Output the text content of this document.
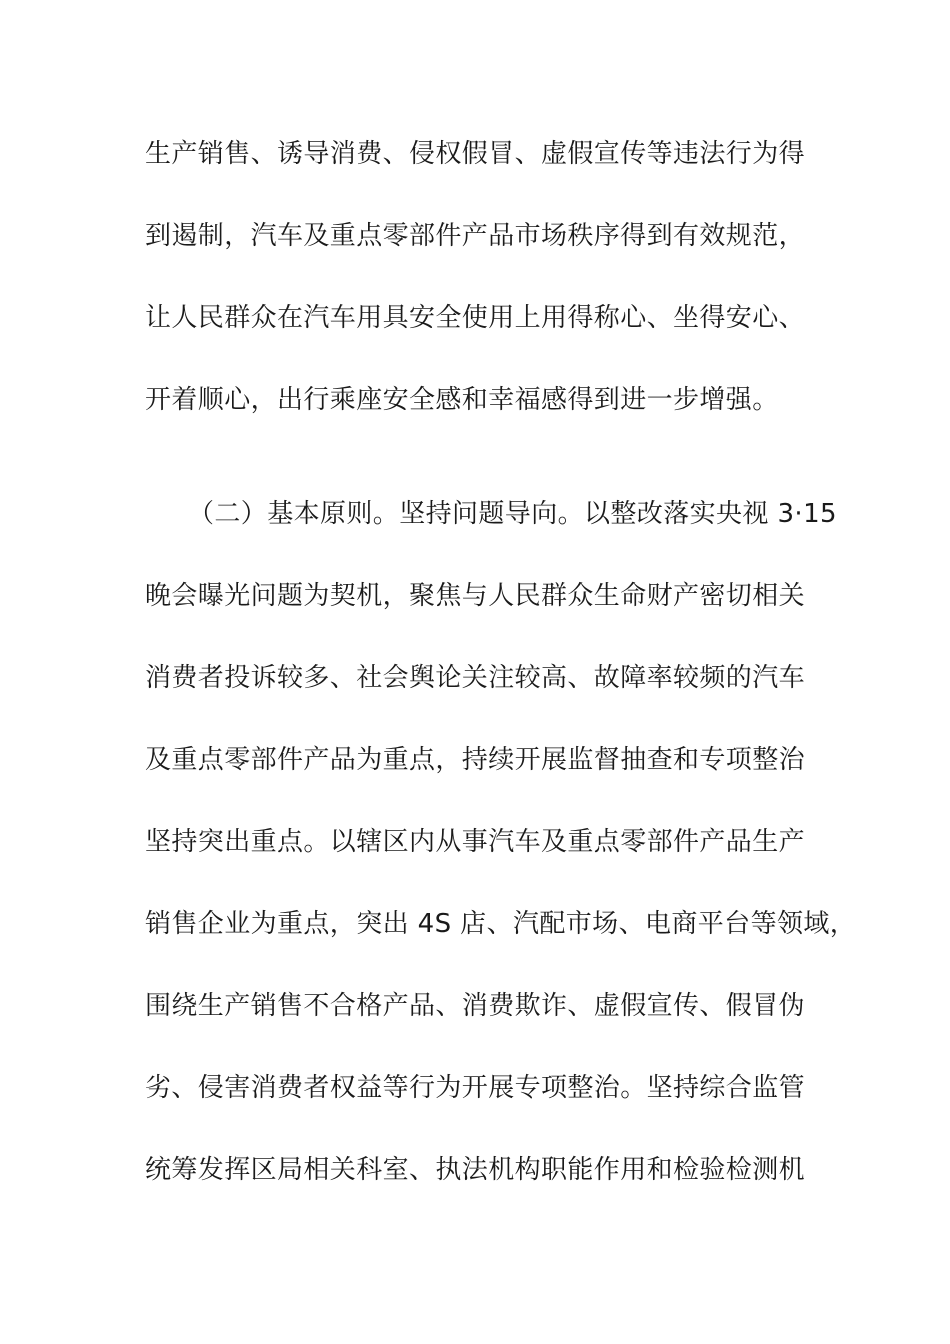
生产销售、诱导消费、侵权假冒、虚假宣传等违法行为得
到遏制，汽车及重点零部件产品市场秩序得到有效规范，
让人民群众在汽车用具安全使用上用得称心、坐得安心、
开着顺心，出行乘座安全感和幸福感得到进一步增强。
（二）基本原则。坚持问题导向。以整改落实央视 3·15
晚会曝光问题为契机，聚焦与人民群众生命财产密切相关
消费者投诉较多、社会舆论关注较高、故障率较频的汽车
及重点零部件产品为重点，持续开展监督抽查和专项整治
坚持突出重点。以辖区内从事汽车及重点零部件产品生产
销售企业为重点，突出 4S 店、汽配市场、电商平台等领域，
围绕生产销售不合格产品、消费欺诈、虚假宣传、假冒伪
劣、侵害消费者权益等行为开展专项整治。坚持综合监管
统筹发挥区局相关科室、执法机构职能作用和检验检测机
